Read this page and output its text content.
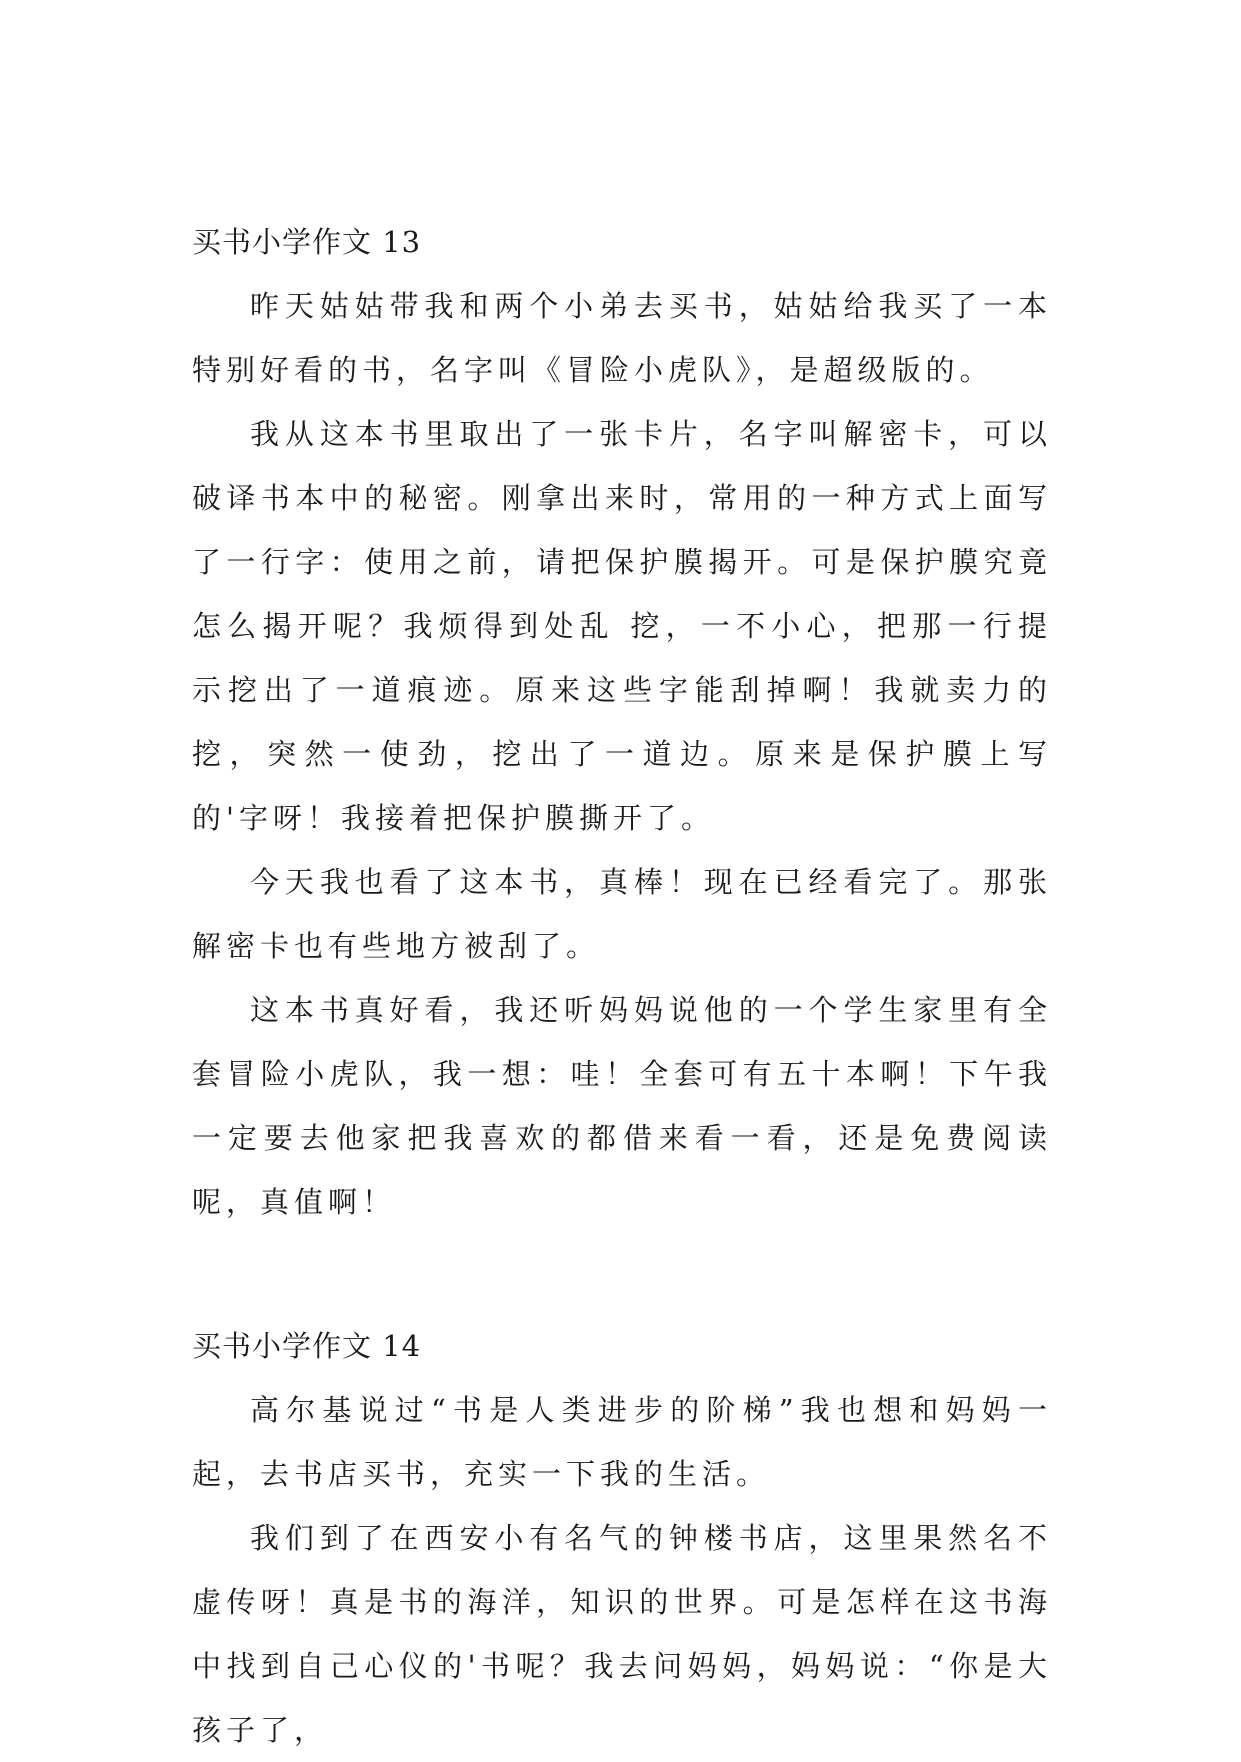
买书小学作文 13

昨天姑姑带我和两个小弟去买书，姑姑给我买了一本特别好看的书，名字叫《冒险小虎队》，是超级版的。

我从这本书里取出了一张卡片，名字叫解密卡，可以破译书本中的秘密。刚拿出来时，常用的一种方式上面写了一行字：使用之前，请把保护膜揭开。可是保护膜究竟怎么揭开呢？我烦得到处乱 挖，一不小心，把那一行提示挖出了一道痕迹。原来这些字能刮掉啊！我就卖力的挖，突然一使劲，挖出了一道边。原来是保护膜上写的'字呀！我接着把保护膜撕开了。

今天我也看了这本书，真棒！现在已经看完了。那张解密卡也有些地方被刮了。

这本书真好看，我还听妈妈说他的一个学生家里有全套冒险小虎队，我一想：哇！全套可有五十本啊！下午我一定要去他家把我喜欢的都借来看一看，还是免费阅读呢，真值啊！

买书小学作文 14

高尔基说过“书是人类进步的阶梯”我也想和妈妈一起，去书店买书，充实一下我的生活。

我们到了在西安小有名气的钟楼书店，这里果然名不虚传呀！真是书的海洋，知识的世界。可是怎样在这书海中找到自己心仪的'书呢？我去问妈妈，妈妈说：“你是大孩子了，
